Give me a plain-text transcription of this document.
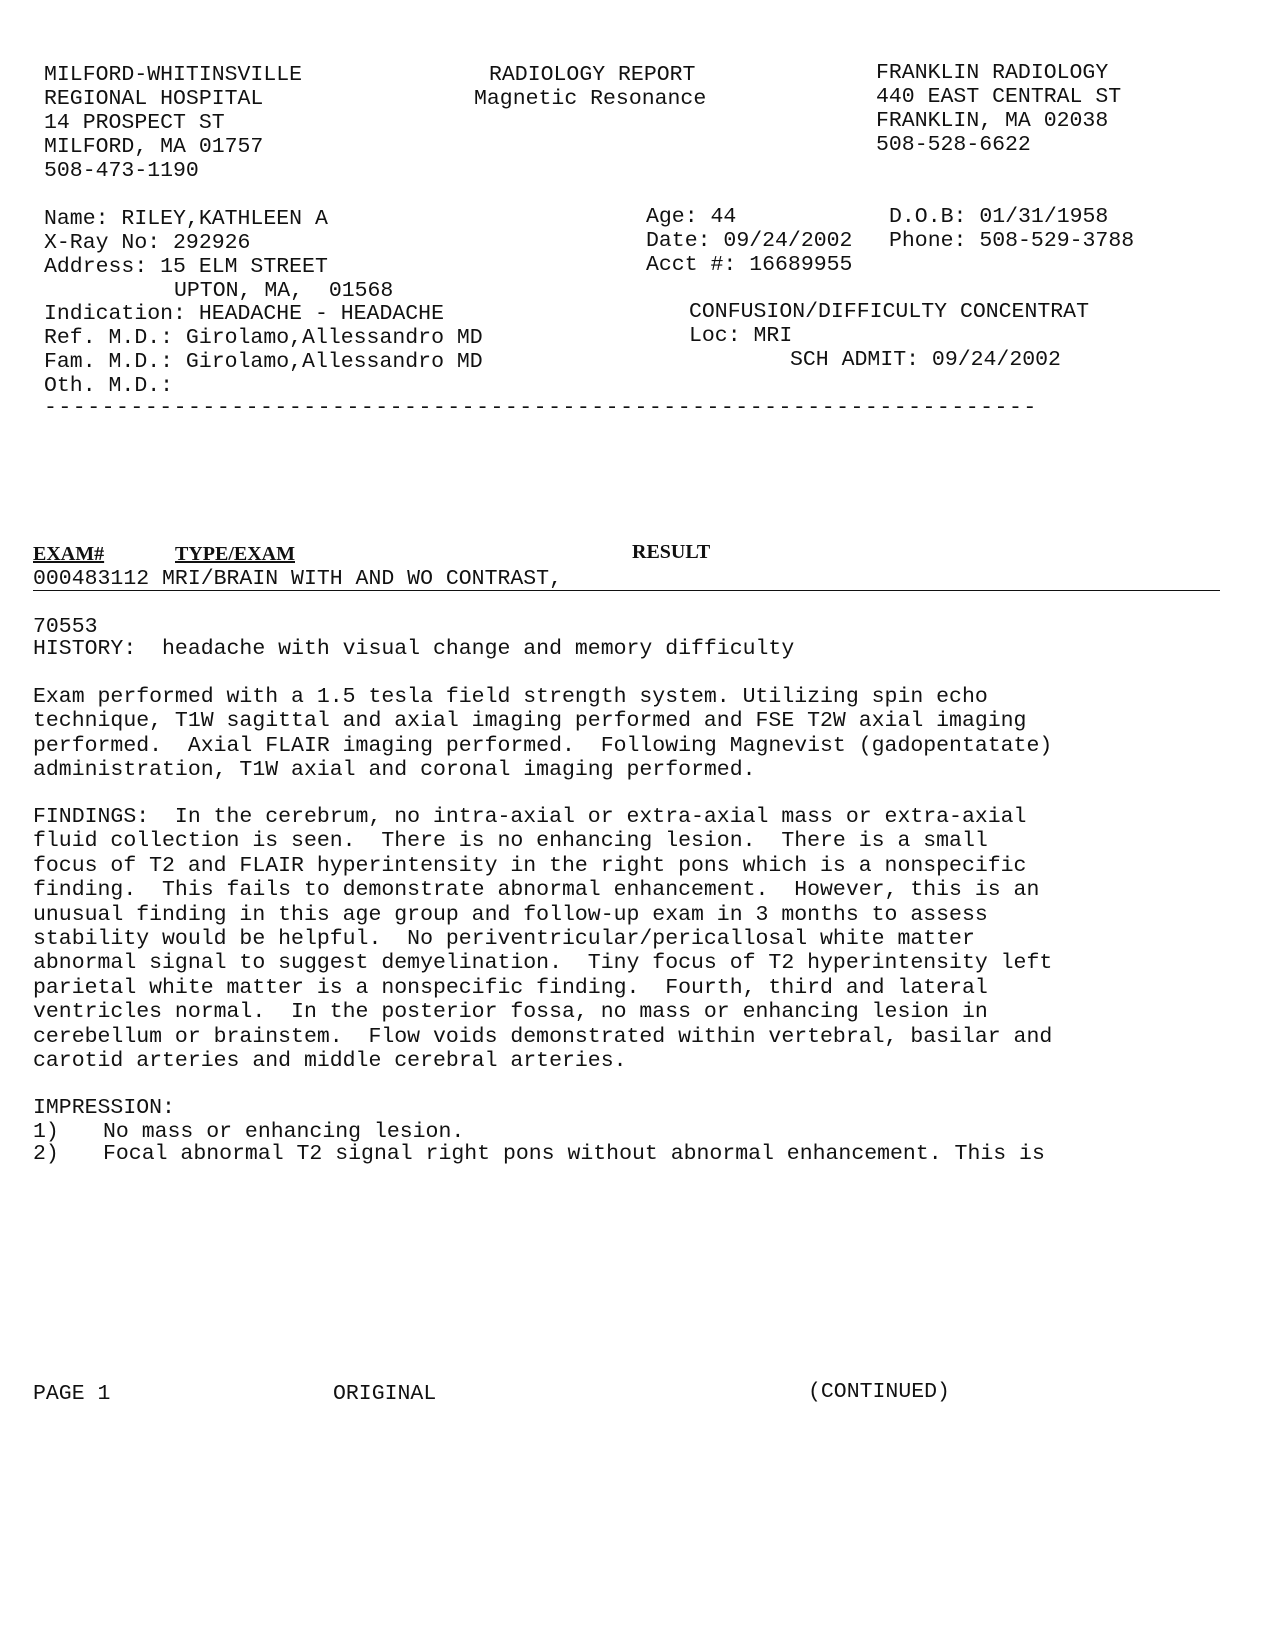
MILFORD-WHITINSVILLE
REGIONAL HOSPITAL
14 PROSPECT ST
MILFORD, MA 01757
508-473-1190
RADIOLOGY REPORT
Magnetic Resonance
FRANKLIN RADIOLOGY
440 EAST CENTRAL ST
FRANKLIN, MA 02038
508-528-6622
Name: RILEY,KATHLEEN A
X-Ray No: 292926
Address: 15 ELM STREET
UPTON, MA,  01568
Indication: HEADACHE - HEADACHE
Ref. M.D.: Girolamo,Allessandro MD
Fam. M.D.: Girolamo,Allessandro MD
Oth. M.D.:
Age: 44	D.O.B: 01/31/1958
Date: 09/24/2002 Phone: 508-529-3788
Acct #: 16689955
CONFUSION/DIFFICULTY CONCENTRAT
Loc: MRI
SCH ADMIT: 09/24/2002
---------------------------------------------------------------------
EXAM#	TYPE/EXAM	RESULT
000483112 MRI/BRAIN WITH AND WO CONTRAST,
70553
HISTORY:  headache with visual change and memory difficulty
Exam performed with a 1.5 tesla field strength system. Utilizing spin echo
technique, T1W sagittal and axial imaging performed and FSE T2W axial imaging
performed.  Axial FLAIR imaging performed.  Following Magnevist (gadopentatate)
administration, T1W axial and coronal imaging performed.
FINDINGS:  In the cerebrum, no intra-axial or extra-axial mass or extra-axial
fluid collection is seen.  There is no enhancing lesion.  There is a small
focus of T2 and FLAIR hyperintensity in the right pons which is a nonspecific
finding.  This fails to demonstrate abnormal enhancement.  However, this is an
unusual finding in this age group and follow-up exam in 3 months to assess
stability would be helpful.  No periventricular/pericallosal white matter
abnormal signal to suggest demyelination.  Tiny focus of T2 hyperintensity left
parietal white matter is a nonspecific finding.  Fourth, third and lateral
ventricles normal.  In the posterior fossa, no mass or enhancing lesion in
cerebellum or brainstem.  Flow voids demonstrated within vertebral, basilar and
carotid arteries and middle cerebral arteries.
IMPRESSION:
1) No mass or enhancing lesion.
2) Focal abnormal T2 signal right pons without abnormal enhancement. This is
PAGE 1	ORIGINAL	(CONTINUED)
